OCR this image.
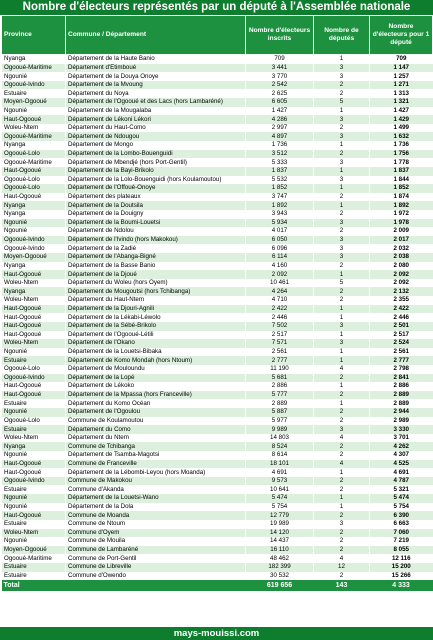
Nombre d'électeurs représentés par un député à l'Assemblée nationale
Province	Commune / Département	Nombre d'électeurs inscrits	Nombre de députés	Nombre d'électeurs pour 1 député
Nyanga	Département de la Haute Banio	709	1	709
Ogooué-Maritime	Département d'Etimboué	3 441	3	1 147
Ngounié	Département de la Douya Onoye	3 770	3	1 257
Ogooué-Ivindo	Département de la Mvoung	2 542	2	1 271
Estuaire	Département du Noya	2 625	2	1 313
Moyen-Ogooué	Département de l'Ogooué et des Lacs (hors Lambaréné)	6 605	5	1 321
Ngounié	Département de la Mougalaba	1 427	1	1 427
Haut-Ogooué	Département de Lékoni Lékori	4 286	3	1 429
Woleu-Ntem	Département du Haut-Como	2 997	2	1 499
Ogooué-Maritime	Département de Ndougou	4 897	3	1 632
Nyanga	Département de Mongo	1 736	1	1 736
Ogooué-Lolo	Département de la Lombo-Bouenguidi	3 512	2	1 756
Ogooué-Maritime	Département de Mbendjé (hors Port-Gentil)	5 333	3	1 778
Haut-Ogooué	Département de la Bayi-Brikolo	1 837	1	1 837
Ogooué-Lolo	Département de la Lolo-Bouenguidi (hors Koulamoutou)	5 532	3	1 844
Ogooué-Lolo	Département de l'Offoué-Onoye	1 852	1	1 852
Haut-Ogooué	Département des plateaux	3 747	2	1 874
Nyanga	Département de la Doutsila	1 892	1	1 892
Nyanga	Département de la Douigny	3 943	2	1 972
Ngounié	Département de la Boumi-Louetsi	5 934	3	1 978
Ngounié	Département de Ndolou	4 017	2	2 009
Ogooué-Ivindo	Département de l'Ivindo (hors Makokou)	6 050	3	2 017
Ogooué-Ivindo	Département de la Zadié	6 096	3	2 032
Moyen-Ogooué	Département de l'Abanga-Bigné	6 114	3	2 038
Nyanga	Département de la Basse Banio	4 160	2	2 080
Haut-Ogooué	Département de la Djoué	2 092	1	2 092
Woleu-Ntem	Département du Woleu (hors Oyem)	10 461	5	2 092
Nyanga	Département de Mougoutsi (hors Tchibanga)	4 264	2	2 132
Woleu-Ntem	Département du Haut-Ntem	4 710	2	2 355
Haut-Ogooué	Département de la Djouri-Agnili	2 422	1	2 422
Haut-Ogooué	Département de la Lékabi-Léwolo	2 446	1	2 446
Haut-Ogooué	Département de la Sébé-Brikolo	7 502	3	2 501
Haut-Ogooué	Département de l'Ogooué-Létili	2 517	1	2 517
Woleu-Ntem	Département de l'Okano	7 571	3	2 524
Ngounié	Département de la Louetsi-Bibaka	2 561	1	2 561
Estuaire	Département de Komo Mondah (hors Ntoum)	2 777	1	2 777
Ogooué-Lolo	Département de Mouloundu	11 190	4	2 798
Ogooué-Ivindo	Département de la Lopé	5 681	2	2 841
Haut-Ogooué	Département de Lékoko	2 886	1	2 886
Haut-Ogooué	Département de la Mpassa (hors Franceville)	5 777	2	2 889
Estuaire	Département du Komo Océan	2 889	1	2 889
Ngounié	Département de l'Ogoulou	5 887	2	2 944
Ogooué-Lolo	Commune de Koulamoutou	5 977	2	2 989
Estuaire	Département du Como	9 989	3	3 330
Woleu-Ntem	Département du Ntem	14 803	4	3 701
Nyanga	Commune de Tchibanga	8 524	2	4 262
Ngounié	Département de Tsamba-Magotsi	8 614	2	4 307
Haut-Ogooué	Commune de Franceville	18 101	4	4 525
Haut-Ogooué	Département de la Lébombi-Leyou (hors Moanda)	4 691	1	4 691
Ogooué-Ivindo	Commune de Makokou	9 573	2	4 787
Estuaire	Commune d'Akanda	10 641	2	5 321
Ngounié	Département de la Louetsi-Wano	5 474	1	5 474
Ngounié	Département de la Dola	5 754	1	5 754
Haut-Ogooué	Commune de Moanda	12 779	2	6 390
Estuaire	Commune de Ntoum	19 989	3	6 663
Woleu-Ntem	Commune d'Oyem	14 120	2	7 060
Ngounié	Commune de Mouila	14 437	2	7 219
Moyen-Ogooué	Commune de Lambaréné	16 110	2	8 055
Ogooué-Maritime	Commune de Port-Gentil	48 462	4	12 116
Estuaire	Commune de Libreville	182 399	12	15 200
Estuaire	Commune d'Owendo	30 532	2	15 266
Total		619 656	143	4 333
mays-mouissi.com
